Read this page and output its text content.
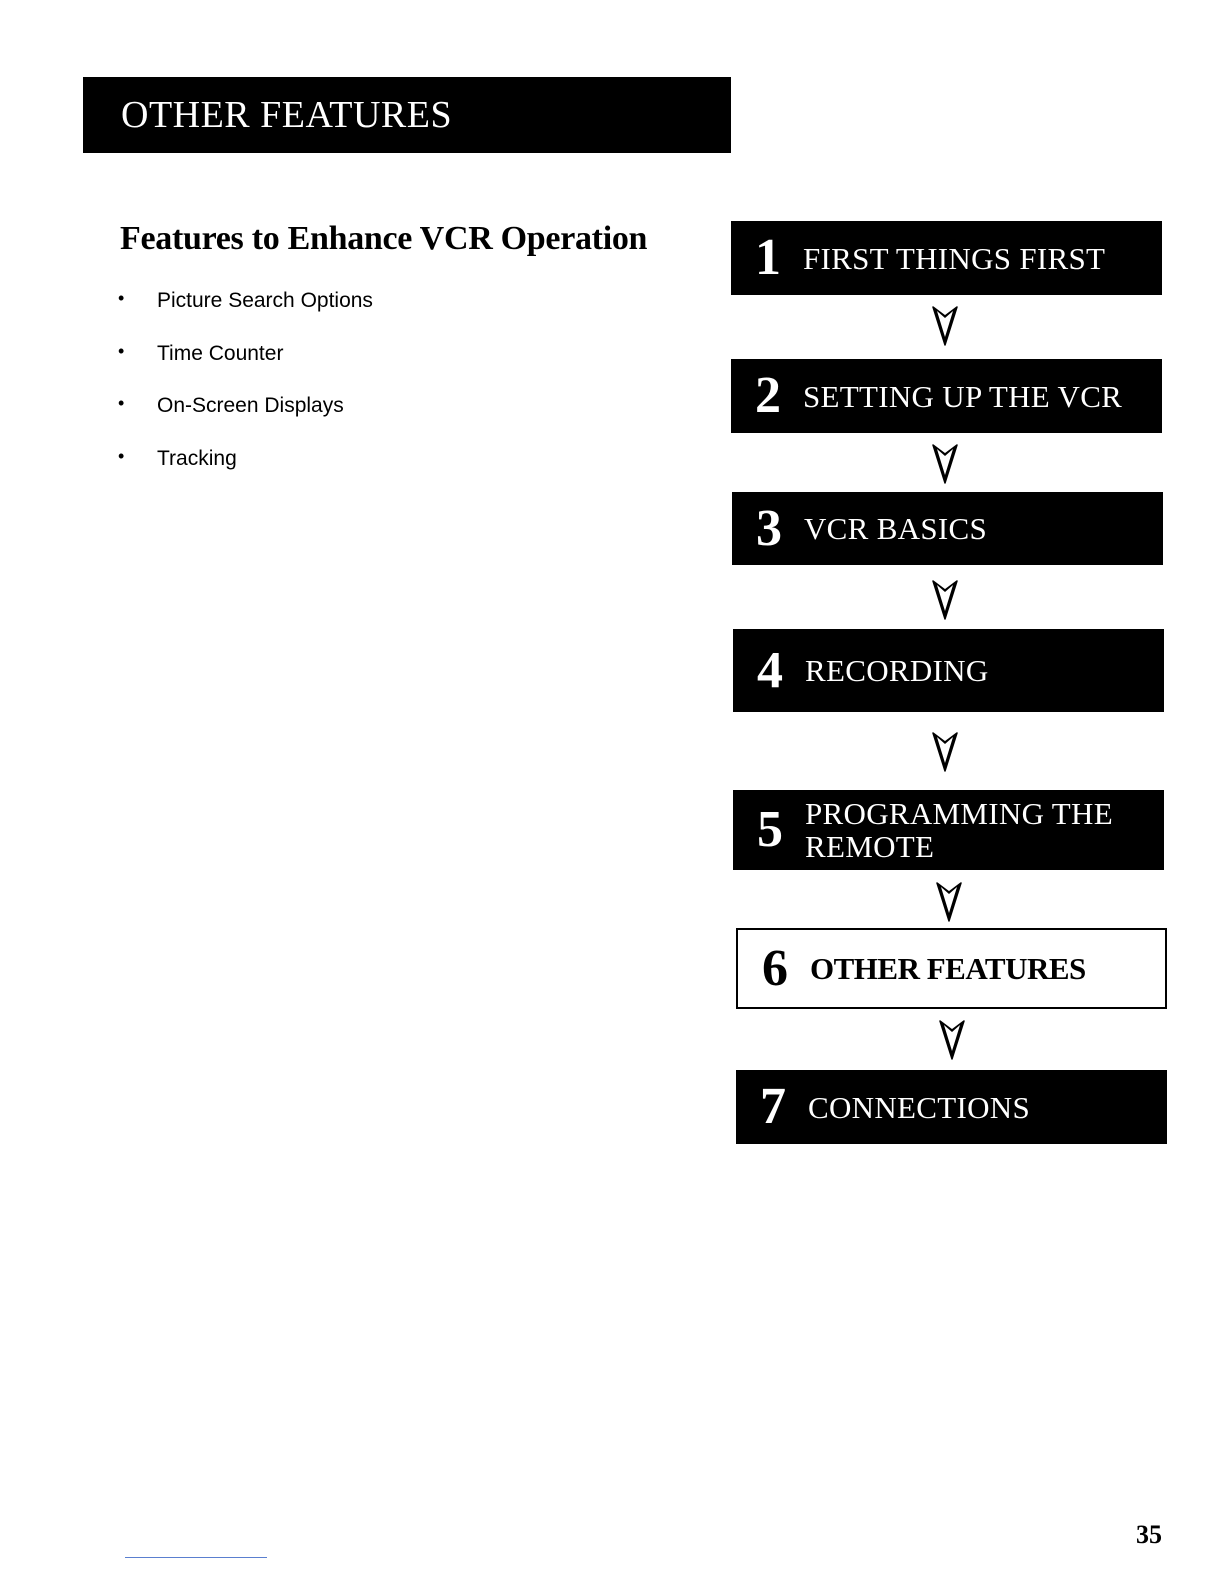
OTHER FEATURES
Features to Enhance VCR Operation
•	Picture Search Options
•	Time Counter
•	On-Screen Displays
•	Tracking
1 FIRST THINGS FIRST
2 SETTING UP THE VCR
3 VCR BASICS
4 RECORDING
5 PROGRAMMING THE
REMOTE
6 OTHER FEATURES
7 CONNECTIONS
35
